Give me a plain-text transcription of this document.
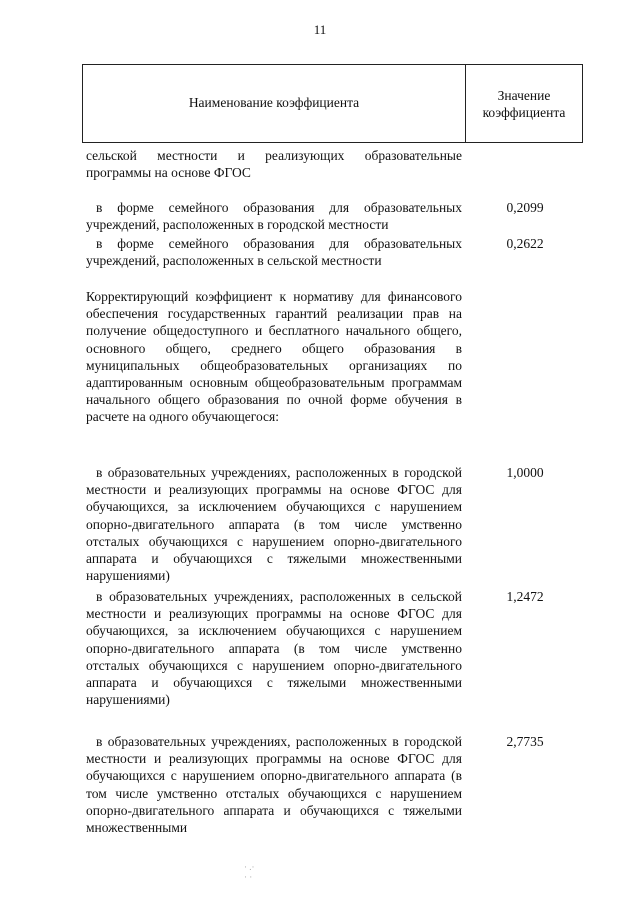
11
Наименование коэффициента	Значение
коэффициента
сельской местности и реализующих образовательные программы на основе ФГОС
в форме семейного образования для образовательных учреждений, расположенных в городской местности
0,2099
в форме семейного образования для образовательных учреждений, расположенных в сельской местности
0,2622
Корректирующий коэффициент к нормативу для финансового обеспечения государственных гарантий реализации прав на получение общедоступного и бесплатного начального общего, основного общего, среднего общего образования в муниципальных общеобразовательных организациях по адаптированным основным общеобразовательным программам начального общего образования по очной форме обучения в расчете на одного обучающегося:
в образовательных учреждениях, расположенных в городской местности и реализующих программы на основе ФГОС для обучающихся, за исключением обучающихся с нарушением опорно-двигательного аппарата (в том числе умственно отсталых обучающихся с нарушением опорно-двигательного аппарата и обучающихся с тяжелыми множественными нарушениями)
1,0000
в образовательных учреждениях, расположенных в сельской местности и реализующих программы на основе ФГОС для обучающихся, за исключением обучающихся с нарушением опорно-двигательного аппарата (в том числе умственно отсталых обучающихся с нарушением опорно-двигательного аппарата и обучающихся с тяжелыми множественными нарушениями)
1,2472
в образовательных учреждениях, расположенных в городской местности и реализующих программы на основе ФГОС для обучающихся с нарушением опорно-двигательного аппарата (в том числе умственно отсталых обучающихся с нарушением опорно-двигательного аппарата и обучающихся с тяжелыми множественными
2,7735
· .·
· ·
